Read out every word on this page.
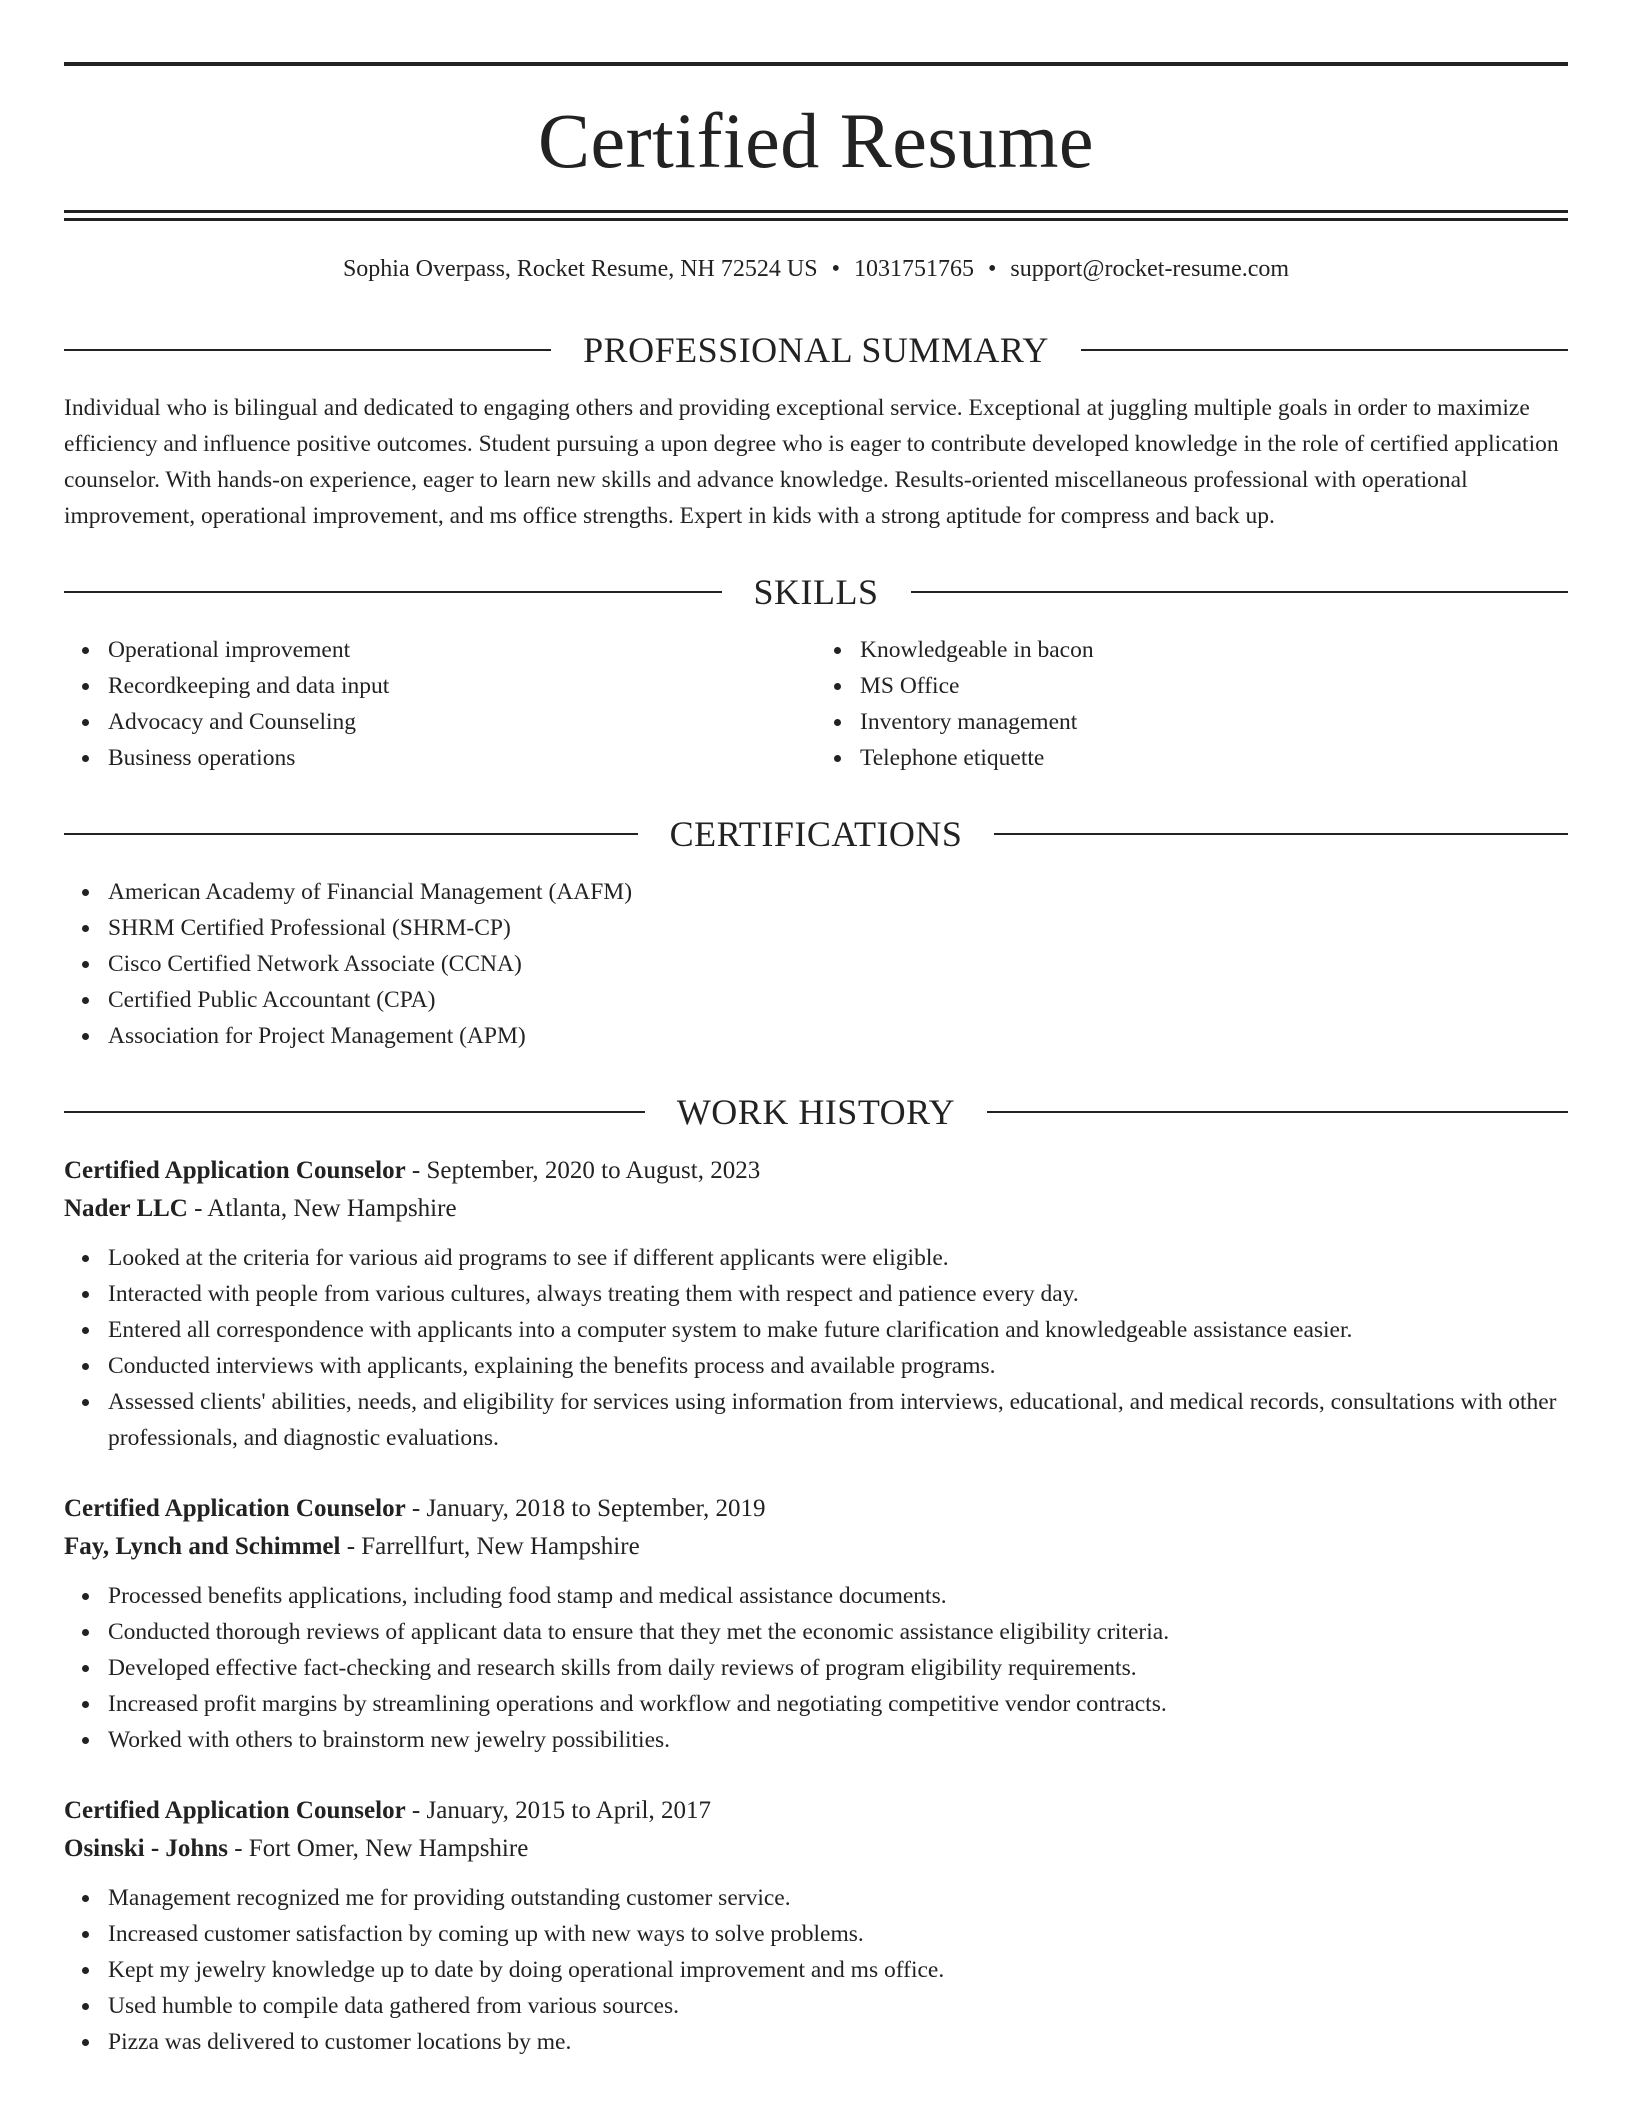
Certified Resume
Sophia Overpass, Rocket Resume, NH 72524 US • 1031751765 • support@rocket-resume.com
PROFESSIONAL SUMMARY

Individual who is bilingual and dedicated to engaging others and providing exceptional service. Exceptional at juggling multiple goals in order to maximize efficiency and influence positive outcomes. Student pursuing a upon degree who is eager to contribute developed knowledge in the role of certified application counselor. With hands-on experience, eager to learn new skills and advance knowledge. Results-oriented miscellaneous professional with operational improvement, operational improvement, and ms office strengths. Expert in kids with a strong aptitude for compress and back up.

SKILLS
Operational improvement
Recordkeeping and data input
Advocacy and Counseling
Business operations
Knowledgeable in bacon
MS Office
Inventory management
Telephone etiquette
CERTIFICATIONS
American Academy of Financial Management (AAFM)
SHRM Certified Professional (SHRM-CP)
Cisco Certified Network Associate (CCNA)
Certified Public Accountant (CPA)
Association for Project Management (APM)
WORK HISTORY
Certified Application Counselor - September, 2020 to August, 2023
Nader LLC - Atlanta, New Hampshire
Looked at the criteria for various aid programs to see if different applicants were eligible.
Interacted with people from various cultures, always treating them with respect and patience every day.
Entered all correspondence with applicants into a computer system to make future clarification and knowledgeable assistance easier.
Conducted interviews with applicants, explaining the benefits process and available programs.
Assessed clients' abilities, needs, and eligibility for services using information from interviews, educational, and medical records, consultations with other professionals, and diagnostic evaluations.
Certified Application Counselor - January, 2018 to September, 2019
Fay, Lynch and Schimmel - Farrellfurt, New Hampshire
Processed benefits applications, including food stamp and medical assistance documents.
Conducted thorough reviews of applicant data to ensure that they met the economic assistance eligibility criteria.
Developed effective fact-checking and research skills from daily reviews of program eligibility requirements.
Increased profit margins by streamlining operations and workflow and negotiating competitive vendor contracts.
Worked with others to brainstorm new jewelry possibilities.
Certified Application Counselor - January, 2015 to April, 2017
Osinski - Johns - Fort Omer, New Hampshire
Management recognized me for providing outstanding customer service.
Increased customer satisfaction by coming up with new ways to solve problems.
Kept my jewelry knowledge up to date by doing operational improvement and ms office.
Used humble to compile data gathered from various sources.
Pizza was delivered to customer locations by me.
